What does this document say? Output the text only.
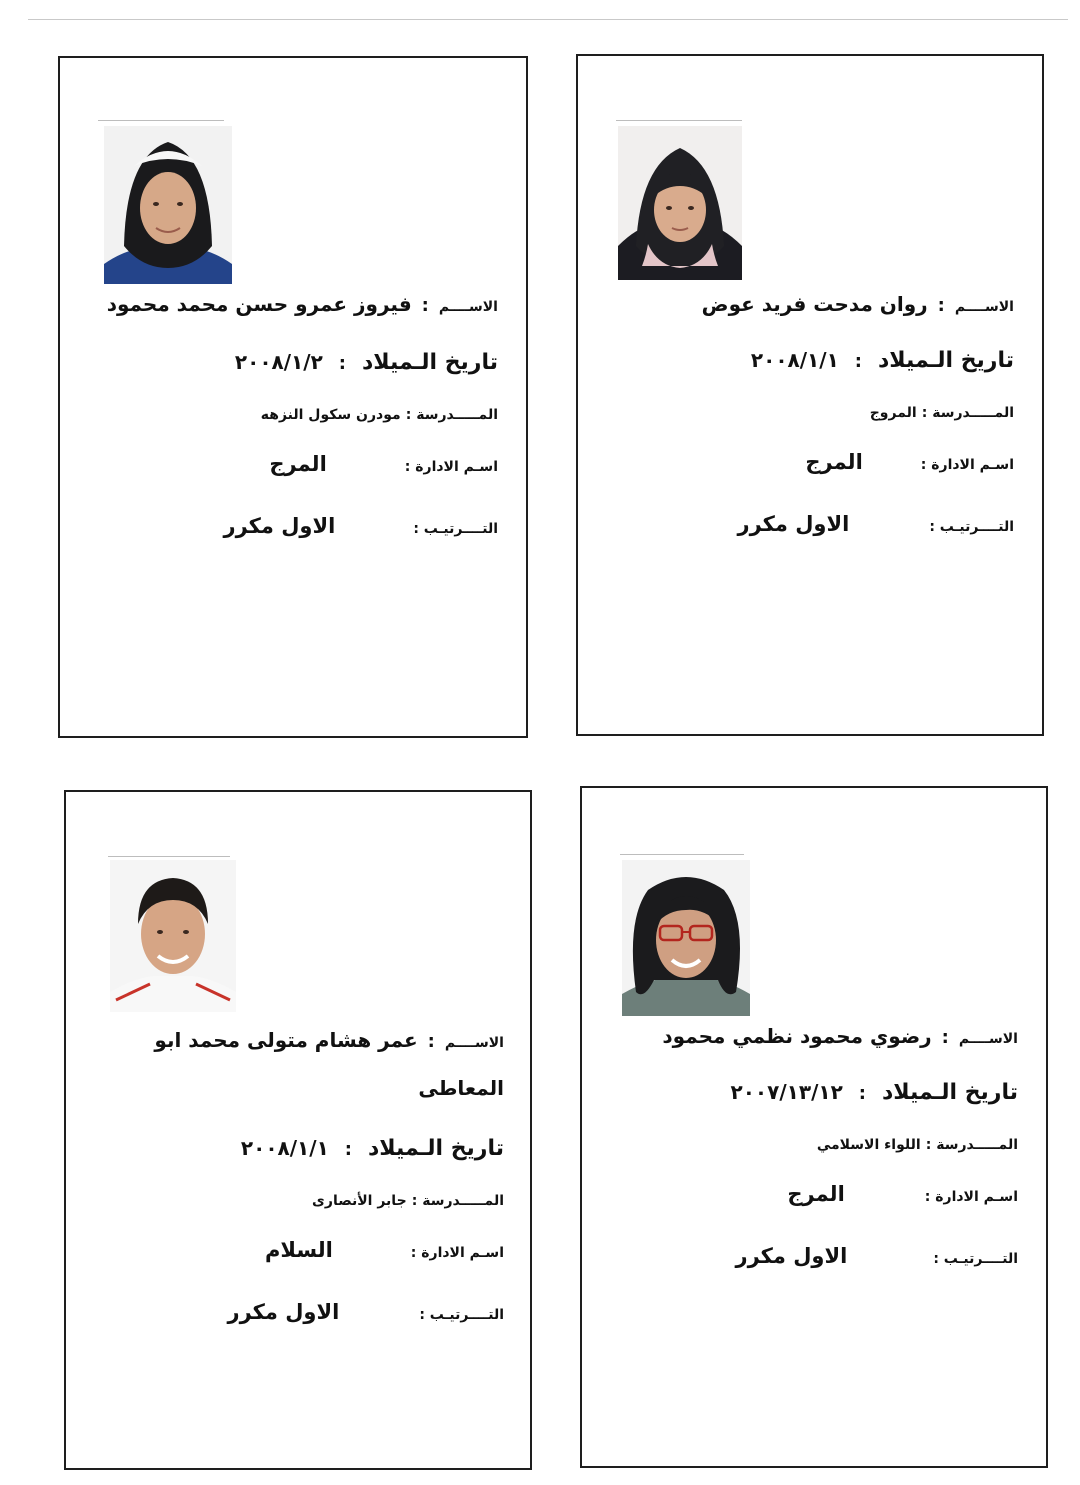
الاســــم:روان مدحت فريد عوض
تاريخ الـميلاد:٢٠٠٨/١/١
المـــــدرسة : المروج
اسـم الادارة :المرج
التــــرتيـب :الاول مكرر
الاســــم:فيروز عمرو حسن محمد محمود
تاريخ الـميلاد:٢٠٠٨/١/٢
المـــــدرسة : مودرن سكول النزهه
اسـم الادارة :المرج
التــــرتيـب :الاول مكرر
الاســــم:رضوي محمود نظمي محمود
تاريخ الـميلاد:٢٠٠٧/١٣/١٢
المـــــدرسة : اللواء الاسلامي
اسـم الادارة :المرج
التــــرتيـب :الاول مكرر
الاســــم:عمر هشام متولى محمد ابو
المعاطى
تاريخ الـميلاد:٢٠٠٨/١/١
المـــــدرسة : جابر الأنصارى
اسـم الادارة :السلام
التــــرتيـب :الاول مكرر
